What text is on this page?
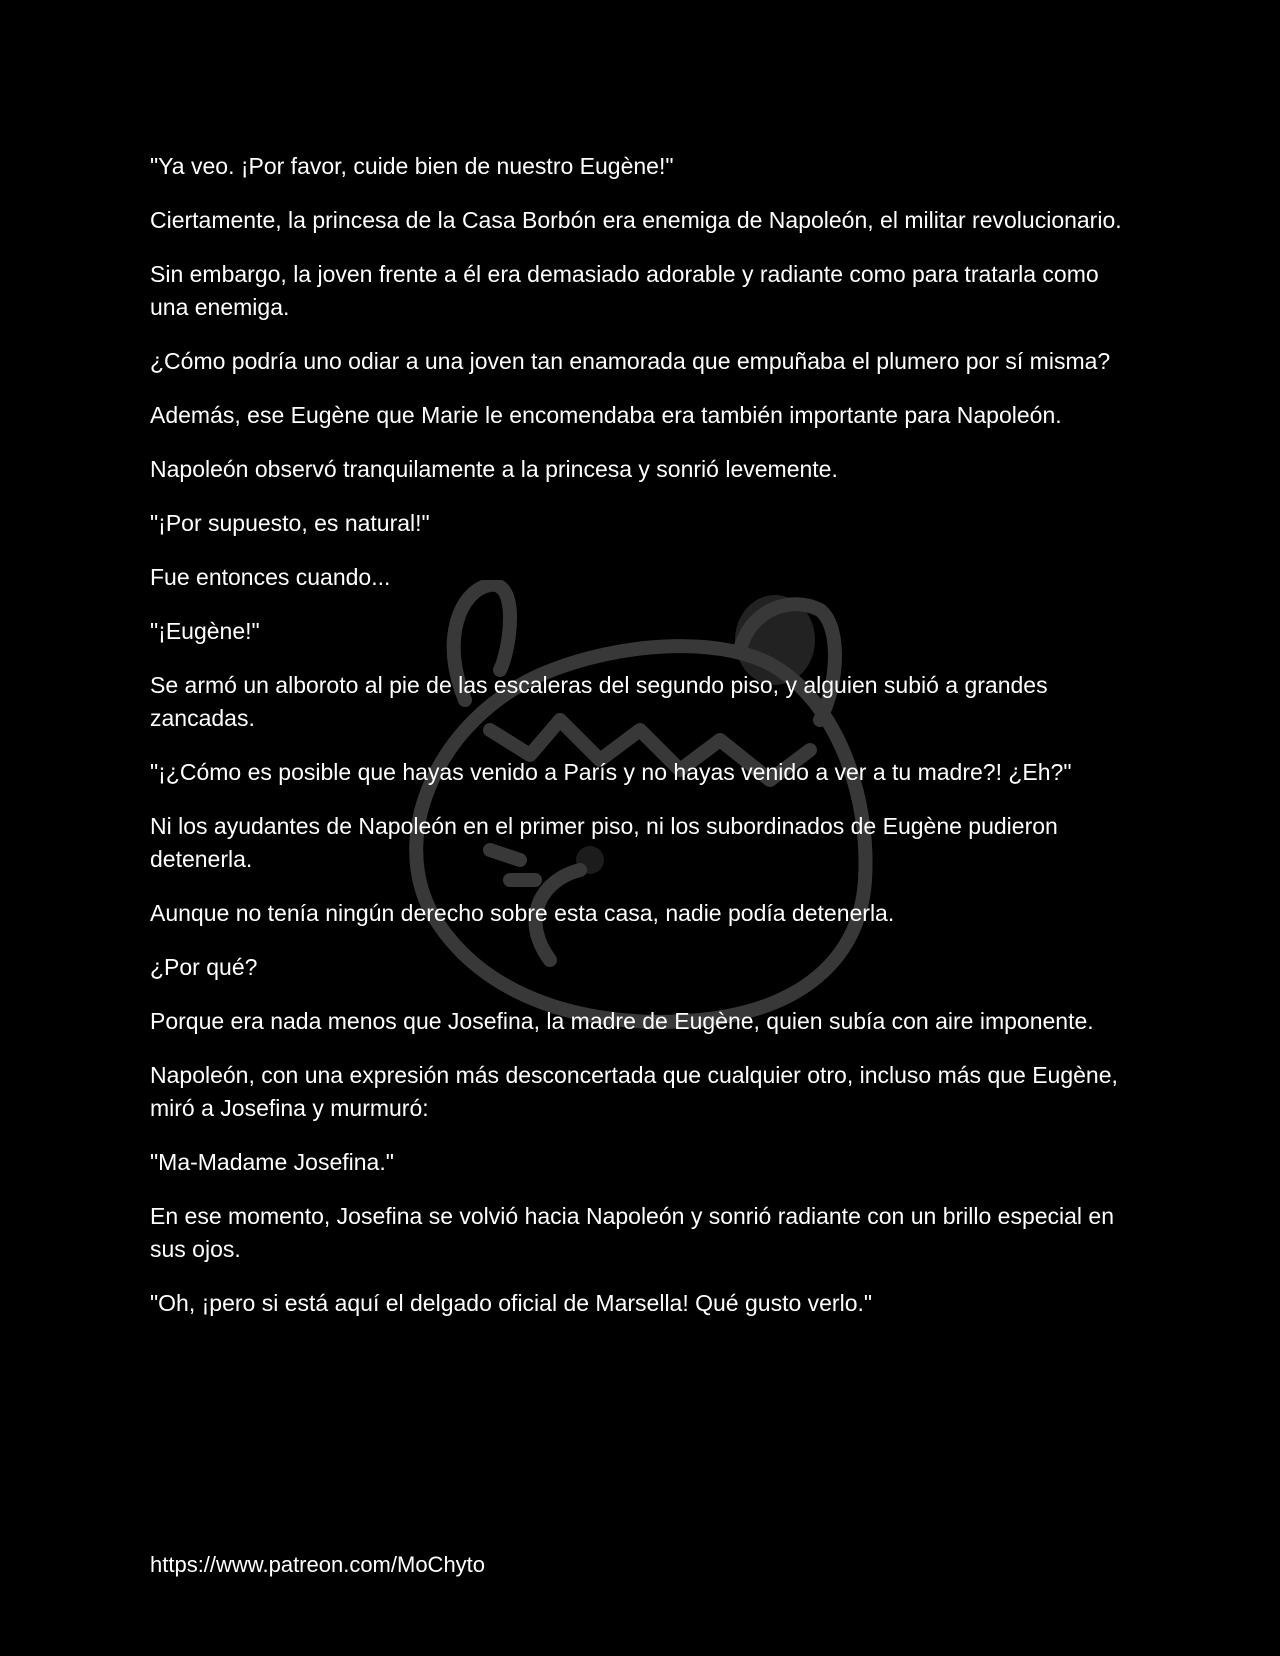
"Ya veo. ¡Por favor, cuide bien de nuestro Eugène!"

Ciertamente, la princesa de la Casa Borbón era enemiga de Napoleón, el militar revolucionario.

Sin embargo, la joven frente a él era demasiado adorable y radiante como para tratarla como una enemiga.

¿Cómo podría uno odiar a una joven tan enamorada que empuñaba el plumero por sí misma?

Además, ese Eugène que Marie le encomendaba era también importante para Napoleón.

Napoleón observó tranquilamente a la princesa y sonrió levemente.

"¡Por supuesto, es natural!"

Fue entonces cuando...

"¡Eugène!"

Se armó un alboroto al pie de las escaleras del segundo piso, y alguien subió a grandes zancadas.

"¡¿Cómo es posible que hayas venido a París y no hayas venido a ver a tu madre?! ¿Eh?"

Ni los ayudantes de Napoleón en el primer piso, ni los subordinados de Eugène pudieron detenerla.

Aunque no tenía ningún derecho sobre esta casa, nadie podía detenerla.

¿Por qué?

Porque era nada menos que Josefina, la madre de Eugène, quien subía con aire imponente.

Napoleón, con una expresión más desconcertada que cualquier otro, incluso más que Eugène, miró a Josefina y murmuró:

"Ma-Madame Josefina."

En ese momento, Josefina se volvió hacia Napoleón y sonrió radiante con un brillo especial en sus ojos.

"Oh, ¡pero si está aquí el delgado oficial de Marsella! Qué gusto verlo."

https://www.patreon.com/MoChyto
